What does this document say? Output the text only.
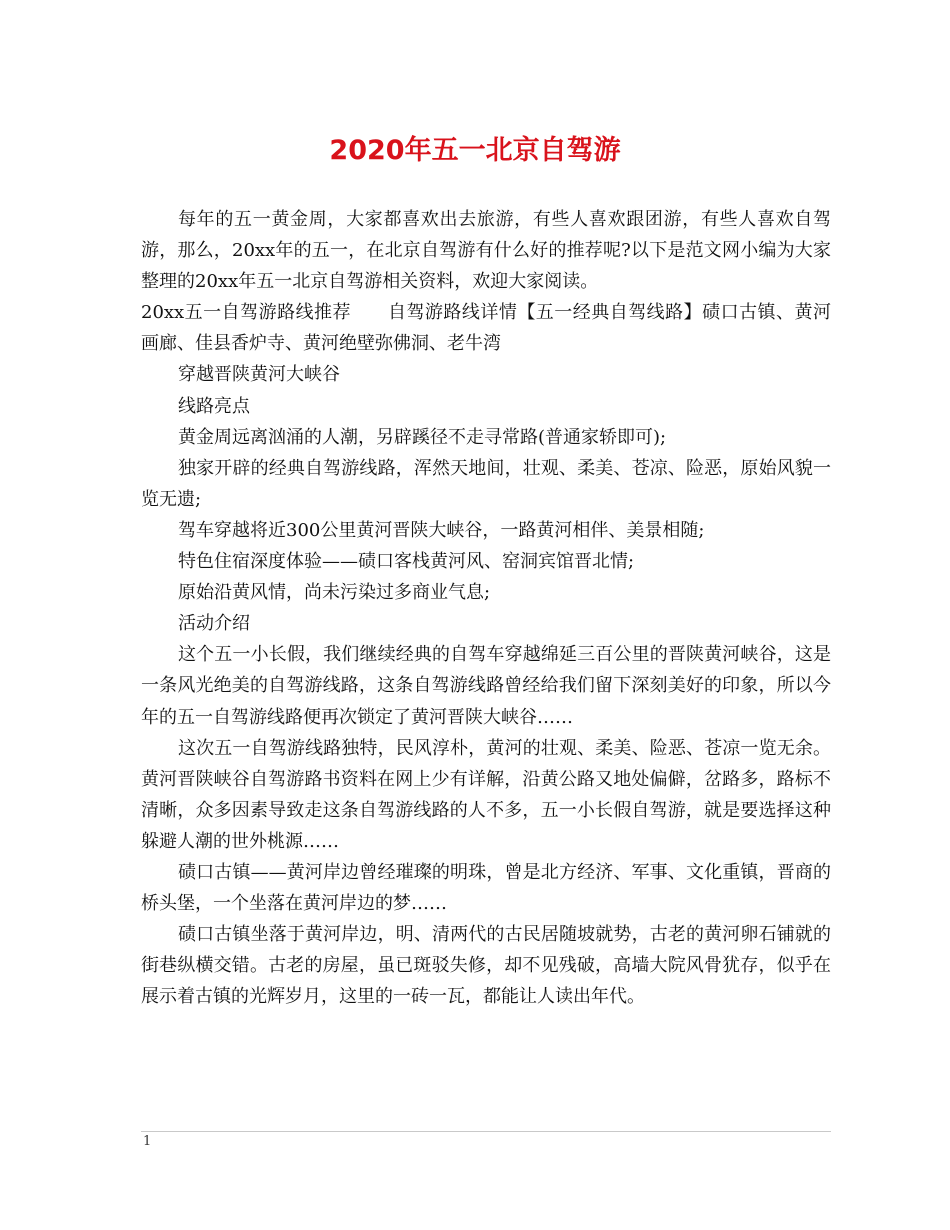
2020年五一北京自驾游

每年的五一黄金周，大家都喜欢出去旅游，有些人喜欢跟团游，有些人喜欢自驾游，那么，20xx年的五一，在北京自驾游有什么好的推荐呢?以下是范文网小编为大家整理的20xx年五一北京自驾游相关资料，欢迎大家阅读。

20xx五一自驾游路线推荐　　自驾游路线详情【五一经典自驾线路】碛口古镇、黄河画廊、佳县香炉寺、黄河绝壁弥佛洞、老牛湾

穿越晋陕黄河大峡谷

线路亮点

黄金周远离汹涌的人潮，另辟蹊径不走寻常路(普通家轿即可);

独家开辟的经典自驾游线路，浑然天地间，壮观、柔美、苍凉、险恶，原始风貌一览无遗;

驾车穿越将近300公里黄河晋陕大峡谷，一路黄河相伴、美景相随;

特色住宿深度体验——碛口客栈黄河风、窑洞宾馆晋北情;

原始沿黄风情，尚未污染过多商业气息;

活动介绍

这个五一小长假，我们继续经典的自驾车穿越绵延三百公里的晋陕黄河峡谷，这是一条风光绝美的自驾游线路，这条自驾游线路曾经给我们留下深刻美好的印象，所以今年的五一自驾游线路便再次锁定了黄河晋陕大峡谷……

这次五一自驾游线路独特，民风淳朴，黄河的壮观、柔美、险恶、苍凉一览无余。黄河晋陕峡谷自驾游路书资料在网上少有详解，沿黄公路又地处偏僻，岔路多，路标不清晰，众多因素导致走这条自驾游线路的人不多，五一小长假自驾游，就是要选择这种躲避人潮的世外桃源……

碛口古镇——黄河岸边曾经璀璨的明珠，曾是北方经济、军事、文化重镇，晋商的桥头堡，一个坐落在黄河岸边的梦……

碛口古镇坐落于黄河岸边，明、清两代的古民居随坡就势，古老的黄河卵石铺就的街巷纵横交错。古老的房屋，虽已斑驳失修，却不见残破，高墙大院风骨犹存，似乎在展示着古镇的光辉岁月，这里的一砖一瓦，都能让人读出年代。

1
